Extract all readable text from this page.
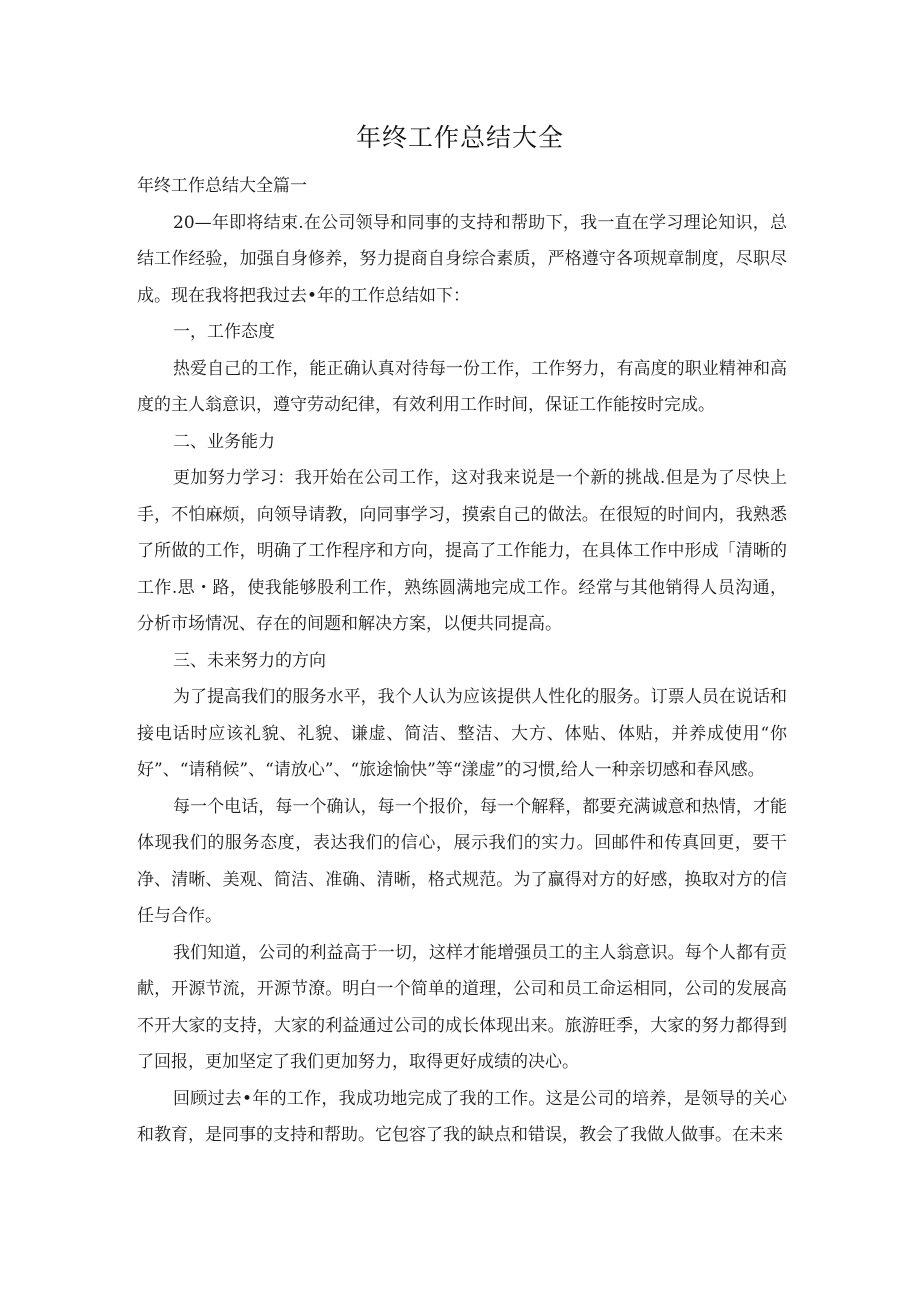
年终工作总结大全

年终工作总结大全篇一

20—年即将结束.在公司领导和同事的支持和帮助下，我一直在学习理论知识，总结工作经验，加强自身修养，努力提商自身综合素质，严格遵守各项规章制度，尽职尽成。现在我将把我过去•年的工作总结如下：

一，工作态度

热爱自己的工作，能正确认真对待每一份工作，工作努力，有高度的职业精神和高度的主人翁意识，遵守劳动纪律，有效利用工作时间，保证工作能按时完成。

二、业务能力

更加努力学习：我开始在公司工作，这对我来说是一个新的挑战.但是为了尽快上手，不怕麻烦，向领导请教，向同事学习，摸索自己的做法。在很短的时间内，我熟悉了所做的工作，明确了工作程序和方向，提高了工作能力，在具体工作中形成「清晰的工作.思・路，使我能够股利工作，熟练圆满地完成工作。经常与其他销得人员沟通，分析市场情况、存在的间题和解决方案，以便共同提高。

三、未来努力的方向

为了提高我们的服务水平，我个人认为应该提供人性化的服务。订票人员在说话和接电话时应该礼貌、礼貌、谦虚、简洁、整洁、大方、体贴、体贴，并养成使用“你好”、“请稍候”、“请放心”、“旅途愉快”等“漾虚”的习惯,给人一种亲切感和春风感。

每一个电话，每一个确认，每一个报价，每一个解释，都要充满诚意和热情，才能体现我们的服务态度，表达我们的信心，展示我们的实力。回邮件和传真回更，要干净、清晰、美观、简洁、准确、清晰，格式规范。为了赢得对方的好感，换取对方的信任与合作。

我们知道，公司的利益高于一切，这样才能增强员工的主人翁意识。每个人都有贡献，开源节流，开源节潦。明白一个简单的道理，公司和员工命运相同，公司的发展高不开大家的支持，大家的利益通过公司的成长体现出来。旅游旺季，大家的努力都得到了回报，更加坚定了我们更加努力，取得更好成绩的决心。

回顾过去•年的工作，我成功地完成了我的工作。这是公司的培养，是领导的关心和教育，是同事的支持和帮助。它包容了我的缺点和错误，教会了我做人做事。在未来
